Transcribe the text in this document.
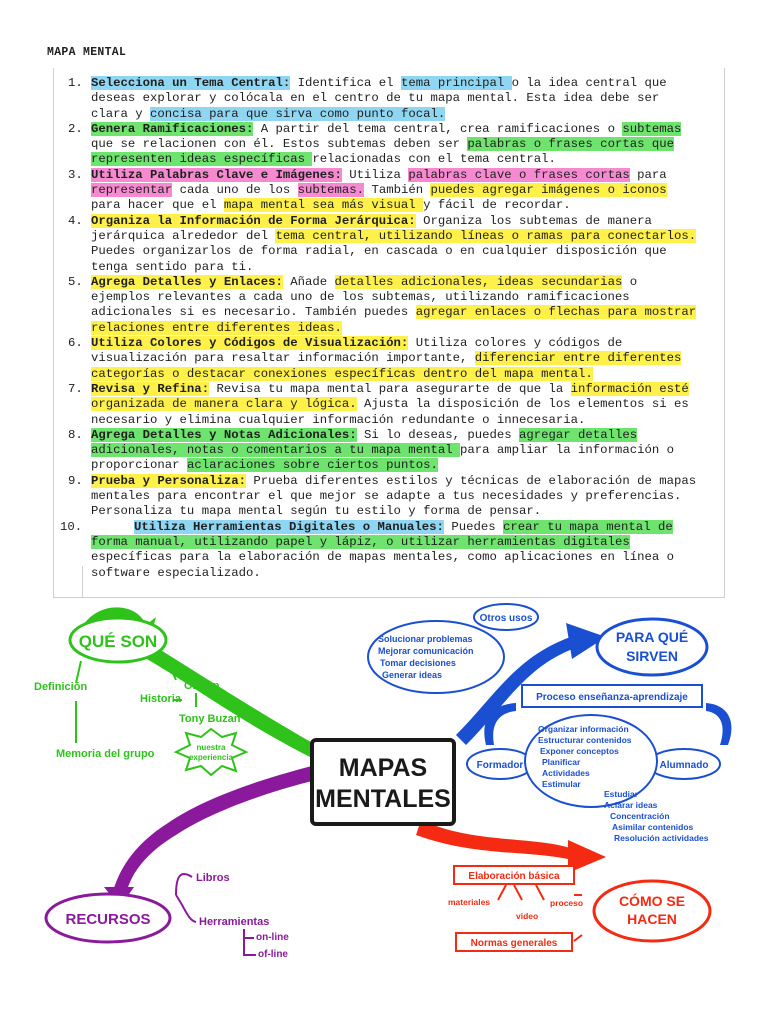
MAPA MENTAL
1. Selecciona un Tema Central: Identifica el tema principal o la idea central que deseas explorar y colócala en el centro de tu mapa mental. Esta idea debe ser clara y concisa para que sirva como punto focal.
2. Genera Ramificaciones: A partir del tema central, crea ramificaciones o subtemas que se relacionen con él. Estos subtemas deben ser palabras o frases cortas que representen ideas específicas relacionadas con el tema central.
3. Utiliza Palabras Clave e Imágenes: Utiliza palabras clave o frases cortas para representar cada uno de los subtemas. También puedes agregar imágenes o iconos para hacer que el mapa mental sea más visual y fácil de recordar.
4. Organiza la Información de Forma Jerárquica: Organiza los subtemas de manera jerárquica alrededor del tema central, utilizando líneas o ramas para conectarlos. Puedes organizarlos de forma radial, en cascada o en cualquier disposición que tenga sentido para ti.
5. Agrega Detalles y Enlaces: Añade detalles adicionales, ideas secundarias o ejemplos relevantes a cada uno de los subtemas, utilizando ramificaciones adicionales si es necesario. También puedes agregar enlaces o flechas para mostrar relaciones entre diferentes ideas.
6. Utiliza Colores y Códigos de Visualización: Utiliza colores y códigos de visualización para resaltar información importante, diferenciar entre diferentes categorías o destacar conexiones específicas dentro del mapa mental.
7. Revisa y Refina: Revisa tu mapa mental para asegurarte de que la información esté organizada de manera clara y lógica. Ajusta la disposición de los elementos si es necesario y elimina cualquier información redundante o innecesaria.
8. Agrega Detalles y Notas Adicionales: Si lo deseas, puedes agregar detalles adicionales, notas o comentarios a tu mapa mental para ampliar la información o proporcionar aclaraciones sobre ciertos puntos.
9. Prueba y Personaliza: Prueba diferentes estilos y técnicas de elaboración de mapas mentales para encontrar el que mejor se adapte a tus necesidades y preferencias. Personaliza tu mapa mental según tu estilo y forma de pensar.
10.	Utiliza Herramientas Digitales o Manuales: Puedes crear tu mapa mental de forma manual, utilizando papel y lápiz, o utilizar herramientas digitales específicas para la elaboración de mapas mentales, como aplicaciones en línea o software especializado.
MAPAS
MENTALES
QUÉ SON
Definición	Origen
Historia
Tony Buzan
Memoria del grupo
nuestra
experiencia
PARA QUÉ
SIRVEN
Otros usos
Solucionar problemas
Mejorar comunicación
Tomar decisiones
Generar ideas
Proceso enseñanza-aprendizaje
Formador	Alumnado
Organizar información
Estructurar contenidos
Exponer conceptos
Planificar
Actividades
Estimular
Estudiar
Aclarar ideas
Concentración
Asimilar contenidos
Resolución actividades
RECURSOS
Libros
Herramientas
on-line
of-line
CÓMO SE
HACEN
Elaboración básica
materiales	proceso
video
Normas generales
